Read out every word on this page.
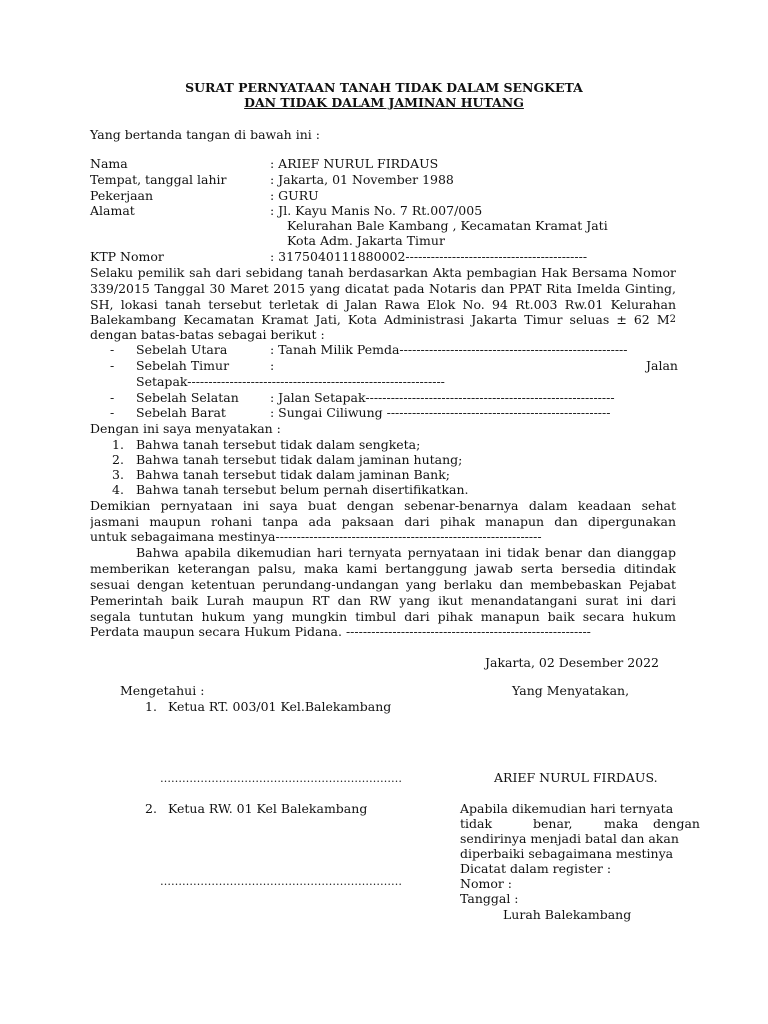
SURAT PERNYATAAN TANAH TIDAK DALAM SENGKETA
DAN TIDAK DALAM JAMINAN HUTANG
Yang bertanda tangan di bawah ini :
Nama	: ARIEF NURUL FIRDAUS
Tempat, tanggal lahir	: Jakarta, 01 November 1988
Pekerjaan	: GURU
Alamat	: Jl. Kayu Manis No. 7 Rt.007/005
Kelurahan Bale Kambang , Kecamatan Kramat Jati
Kota Adm. Jakarta Timur
KTP Nomor	: 3175040111880002-------------------------------------------
Selaku pemilik sah dari sebidang tanah berdasarkan Akta pembagian Hak Bersama Nomor
339/2015 Tanggal 30 Maret 2015 yang dicatat pada Notaris dan PPAT Rita Imelda Ginting,
SH, lokasi tanah tersebut terletak di Jalan Rawa Elok No. 94 Rt.003 Rw.01 Kelurahan
Balekambang Kecamatan Kramat Jati, Kota Administrasi Jakarta Timur seluas ± 62 $M^2$
dengan batas-batas sebagai berikut :
- Sebelah Utara	: Tanah Milik Pemda------------------------------------------------------
- Sebelah Timur	:	Jalan
Setapak-------------------------------------------------------------
- Sebelah Selatan : Jalan Setapak-----------------------------------------------------------
- Sebelah Barat	: Sungai Ciliwung -----------------------------------------------------
Dengan ini saya menyatakan :
1. Bahwa tanah tersebut tidak dalam sengketa;
2. Bahwa tanah tersebut tidak dalam jaminan hutang;
3. Bahwa tanah tersebut tidak dalam jaminan Bank;
4. Bahwa tanah tersebut belum pernah disertifikatkan.
Demikian pernyataan ini saya buat dengan sebenar-benarnya dalam keadaan sehat
jasmani maupun rohani tanpa ada paksaan dari pihak manapun dan dipergunakan
untuk sebagaimana mestinya---------------------------------------------------------------
Bahwa apabila dikemudian hari ternyata pernyataan ini tidak benar dan dianggap
memberikan keterangan palsu, maka kami bertanggung jawab serta bersedia ditindak
sesuai dengan ketentuan perundang-undangan yang berlaku dan membebaskan Pejabat
Pemerintah baik Lurah maupun RT dan RW yang ikut menandatangani surat ini dari
segala tuntutan hukum yang mungkin timbul dari pihak manapun baik secara hukum
Perdata maupun secara Hukum Pidana. ----------------------------------------------------------
Jakarta, 02 Desember 2022
Mengetahui :	Yang Menyatakan,
1. Ketua RT. 003/01 Kel.Balekambang
…………………………………………………………	ARIEF NURUL FIRDAUS.
2. Ketua RW. 01 Kel Balekambang	Apabila dikemudian hari ternyata
tidak	benar,	maka dengan
sendirinya menjadi batal dan akan
diperbaiki sebagaimana mestinya
Dicatat dalam register :
…………………………………………………………	Nomor :
Tanggal :
Lurah Balekambang
